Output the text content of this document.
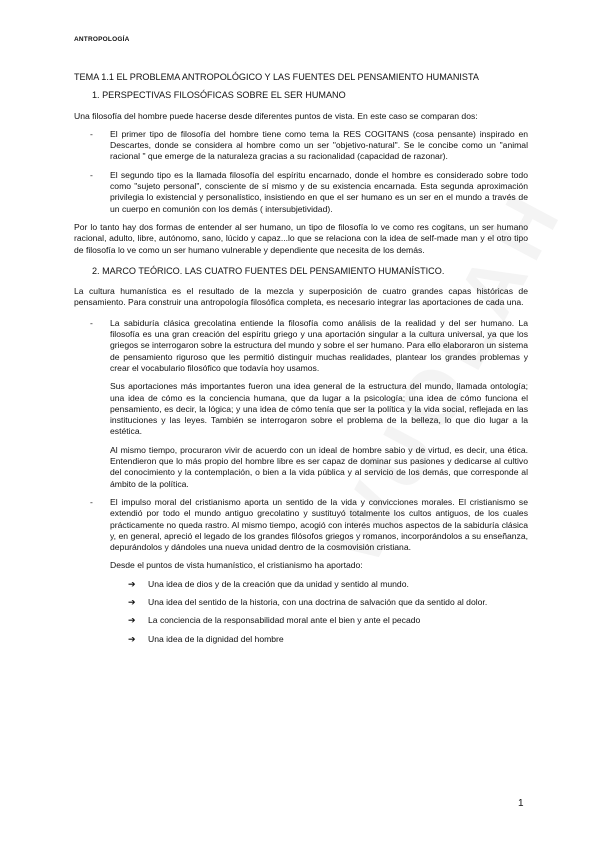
ANTROPOLOGÍA
TEMA 1.1 EL PROBLEMA ANTROPOLÓGICO Y LAS FUENTES DEL PENSAMIENTO HUMANISTA
1. PERSPECTIVAS FILOSÓFICAS SOBRE EL SER HUMANO
Una filosofía del hombre puede hacerse desde diferentes puntos de vista. En este caso se comparan dos:
-	El primer tipo de filosofía del hombre tiene como tema la RES COGITANS (cosa pensante) inspirado en Descartes, donde se considera al hombre como un ser "objetivo-natural". Se le concibe como un "animal racional " que emerge de la naturaleza gracias a su racionalidad (capacidad de razonar).
-	El segundo tipo es la llamada filosofía del espíritu encarnado, donde el hombre es considerado sobre todo como "sujeto personal", consciente de sí mismo y de su existencia encarnada. Esta segunda aproximación privilegia lo existencial y personalístico, insistiendo en que el ser humano es un ser en el mundo a través de un cuerpo en comunión con los demás ( intersubjetividad).
Por lo tanto hay dos formas de entender al ser humano, un tipo de filosofía lo ve como res cogitans, un ser humano racional, adulto, libre, autónomo, sano, lúcido y capaz...lo que se relaciona con la idea de self-made man y el otro tipo de filosofía lo ve como un ser humano vulnerable y dependiente que necesita de los demás.
2. MARCO TEÓRICO. LAS CUATRO FUENTES DEL PENSAMIENTO HUMANÍSTICO.
La cultura humanística es el resultado de la mezcla y superposición de cuatro grandes capas históricas de pensamiento. Para construir una antropología filosófica completa, es necesario integrar las aportaciones de cada una.
-	La sabiduría clásica grecolatina entiende la filosofía como análisis de la realidad y del ser humano. La filosofía es una gran creación del espíritu griego y una aportación singular a la cultura universal, ya que los griegos se interrogaron sobre la estructura del mundo y sobre el ser humano. Para ello elaboraron un sistema de pensamiento riguroso que les permitió distinguir muchas realidades, plantear los grandes problemas y crear el vocabulario filosófico que todavía hoy usamos.
Sus aportaciones más importantes fueron una idea general de la estructura del mundo, llamada ontología; una idea de cómo es la conciencia humana, que da lugar a la psicología; una idea de cómo funciona el pensamiento, es decir, la lógica; y una idea de cómo tenía que ser la política y la vida social, reflejada en las instituciones y las leyes. También se interrogaron sobre el problema de la belleza, lo que dio lugar a la estética.
Al mismo tiempo, procuraron vivir de acuerdo con un ideal de hombre sabio y de virtud, es decir, una ética. Entendieron que lo más propio del hombre libre es ser capaz de dominar sus pasiones y dedicarse al cultivo del conocimiento y la contemplación, o bien a la vida pública y al servicio de los demás, que corresponde al ámbito de la política.
-	El impulso moral del cristianismo aporta un sentido de la vida y convicciones morales. El cristianismo se extendió por todo el mundo antiguo grecolatino y sustituyó totalmente los cultos antiguos, de los cuales prácticamente no queda rastro. Al mismo tiempo, acogió con interés muchos aspectos de la sabiduría clásica y, en general, apreció el legado de los grandes filósofos griegos y romanos, incorporándolos a su enseñanza, depurándolos y dándoles una nueva unidad dentro de la cosmovisión cristiana.
Desde el puntos de vista humanístico, el cristianismo ha aportado:
➔	Una idea de dios y de la creación que da unidad y sentido al mundo.
➔	Una idea del sentido de la historia, con una doctrina de salvación que da sentido al dolor.
➔	La conciencia de la responsabilidad moral ante el bien y ante el pecado
➔	Una idea de la dignidad del hombre
1
